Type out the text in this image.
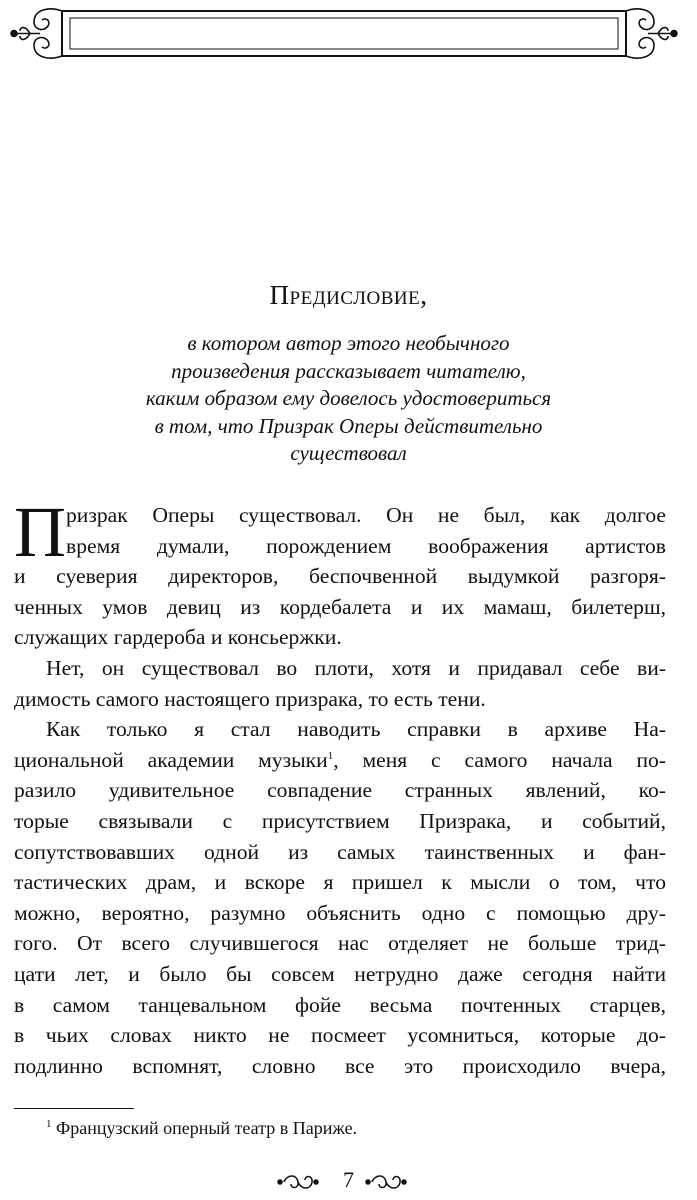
Предисловие,
в котором автор этого необычного
произведения рассказывает читателю,
каким образом ему довелось удостовериться
в том, что Призрак Оперы действительно
существовал
П ризрак Оперы существовал. Он не был, как долгое
время думали, порождением воображения артистов
и суеверия директоров, беспочвенной выдумкой разгоря-
ченных умов девиц из кордебалета и их мамаш, билетерш,
служащих гардероба и консьержки.
Нет, он существовал во плоти, хотя и придавал себе ви-
димость самого настоящего призрака, то есть тени.
Как только я стал наводить справки в архиве На-
циональной академии музыки$^1$, меня с самого начала по-
разило удивительное совпадение странных явлений, ко-
торые связывали с присутствием Призрака, и событий,
сопутствовавших одной из самых таинственных и фан-
тастических драм, и вскоре я пришел к мысли о том, что
можно, вероятно, разумно объяснить одно с помощью дру-
гого. От всего случившегося нас отделяет не больше трид-
цати лет, и было бы совсем нетрудно даже сегодня найти
в самом танцевальном фойе весьма почтенных старцев,
в чьих словах никто не посмеет усомниться, которые до-
подлинно вспомнят, словно все это происходило вчера,
$^1$ Французский оперный театр в Париже.
7
